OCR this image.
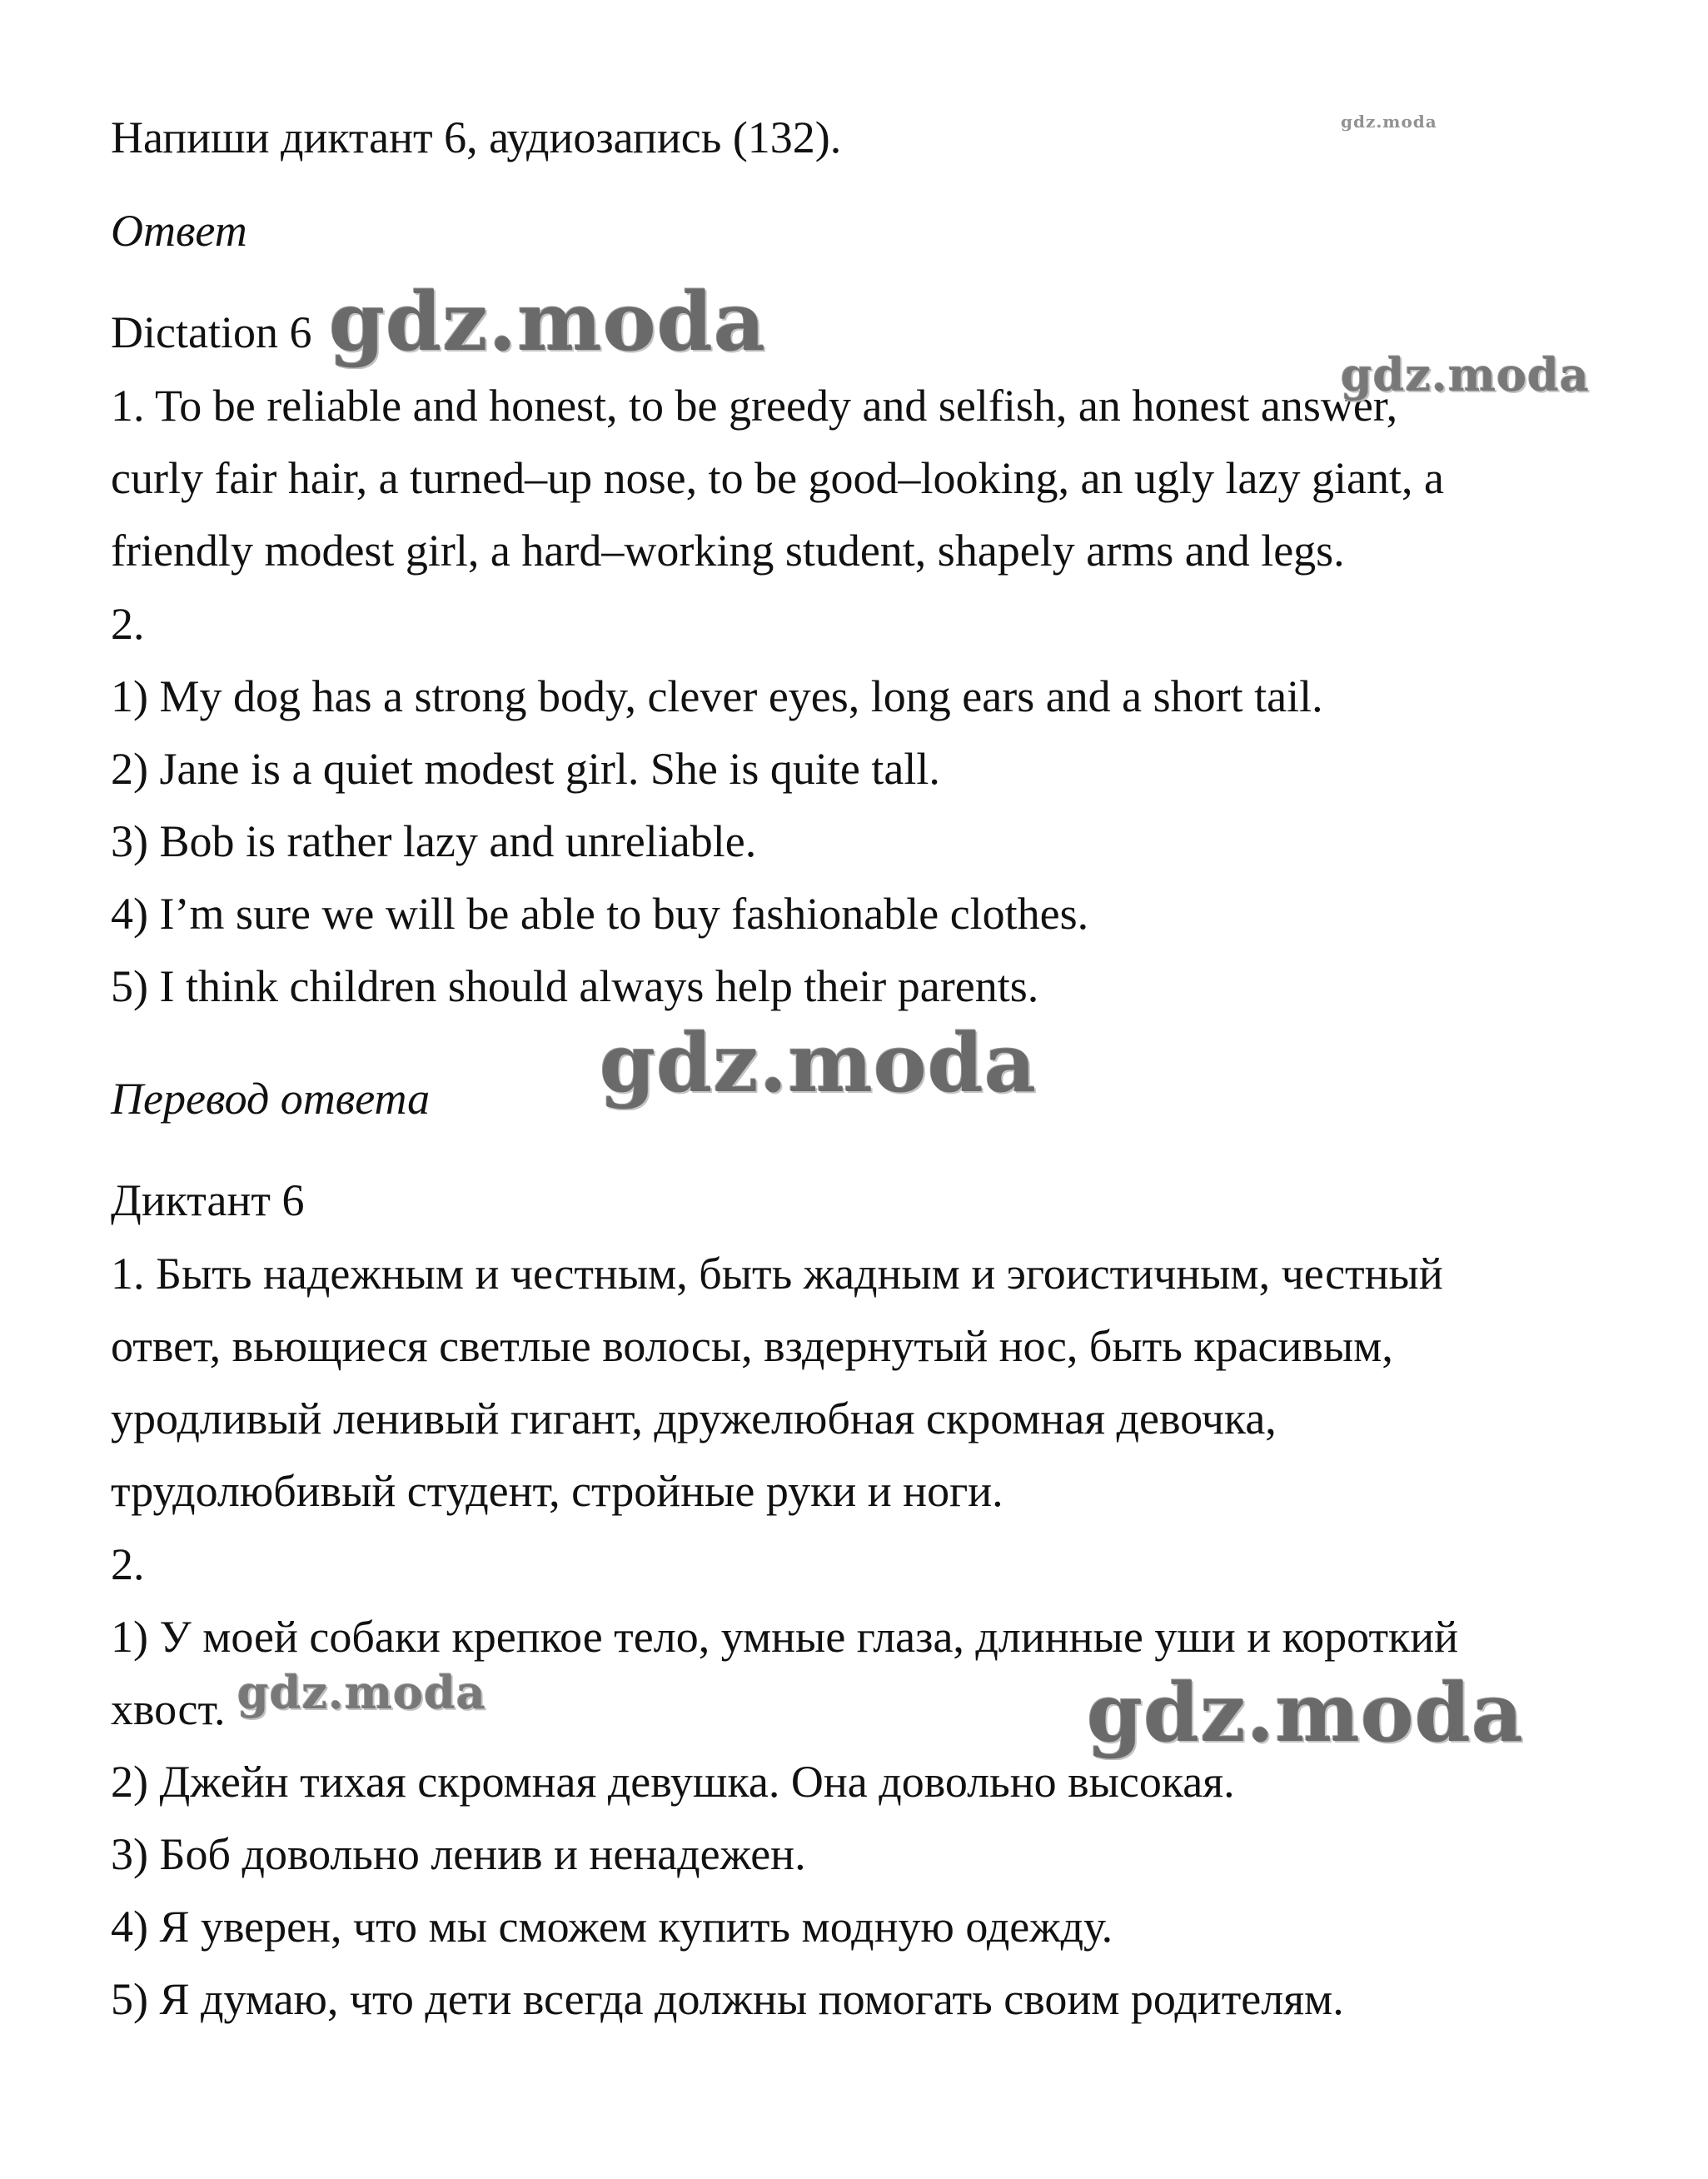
Напиши диктант 6, аудиозапись (132).
Ответ
Dictation 6
1. To be reliable and honest, to be greedy and selfish, an honest answer,
curly fair hair, a turned–up nose, to be good–looking, an ugly lazy giant, a
friendly modest girl, a hard–working student, shapely arms and legs.
2.
1) My dog has a strong body, clever eyes, long ears and a short tail.
2) Jane is a quiet modest girl. She is quite tall.
3) Bob is rather lazy and unreliable.
4) I’m sure we will be able to buy fashionable clothes.
5) I think children should always help their parents.
Перевод ответа
Диктант 6
1. Быть надежным и честным, быть жадным и эгоистичным, честный
ответ, вьющиеся светлые волосы, вздернутый нос, быть красивым,
уродливый ленивый гигант, дружелюбная скромная девочка,
трудолюбивый студент, стройные руки и ноги.
2.
1) У моей собаки крепкое тело, умные глаза, длинные уши и короткий
хвост.
2) Джейн тихая скромная девушка. Она довольно высокая.
3) Боб довольно ленив и ненадежен.
4) Я уверен, что мы сможем купить модную одежду.
5) Я думаю, что дети всегда должны помогать своим родителям.
gdz.moda
gdz.moda
gdz.moda
gdz.moda
gdz.moda	gdz.moda
